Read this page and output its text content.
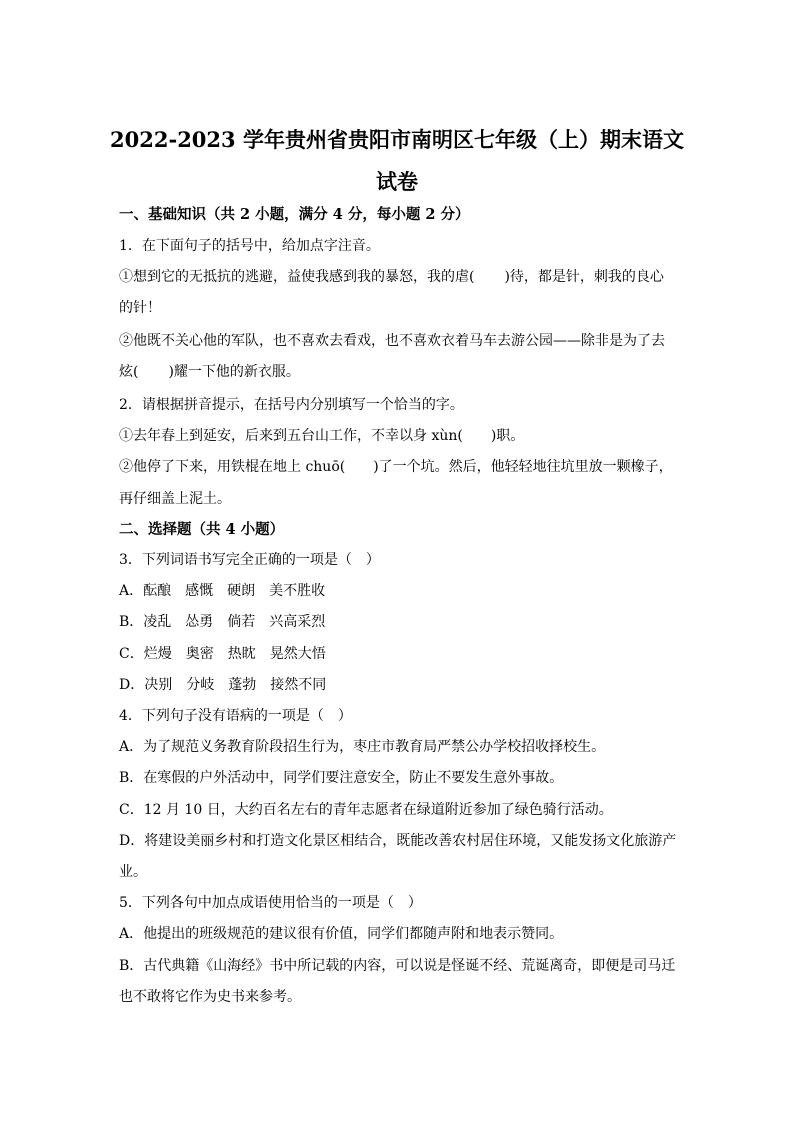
2022-2023 学年贵州省贵阳市南明区七年级（上）期末语文
试卷
一、基础知识（共 2 小题，满分 4 分，每小题 2 分）
1．在下面句子的括号中，给加点字注音。
①想到它的无抵抗的逃避，益使我感到我的暴怒，我的虐( )待，都是针，刺我的良心
的针！
②他既不关心他的军队，也不喜欢去看戏，也不喜欢衣着马车去游公园——除非是为了去
炫( )耀一下他的新衣服。
2．请根据拼音提示，在括号内分别填写一个恰当的字。
①去年春上到延安，后来到五台山工作，不幸以身 xùn( )职。
②他停了下来，用铁棍在地上 chuō( )了一个坑。然后，他轻轻地往坑里放一颗橡子，
再仔细盖上泥土。
二、选择题（共 4 小题）
3．下列词语书写完全正确的一项是（　）
A．酝酿　感慨　硬朗　美不胜收
B．凌乱　怂勇　倘若　兴高采烈
C．烂熳　奥密　热眈　晃然大悟
D．决别　分岐　蓬勃　接然不同
4．下列句子没有语病的一项是（　）
A．为了规范义务教育阶段招生行为，枣庄市教育局严禁公办学校招收择校生。
B．在寒假的户外活动中，同学们要注意安全，防止不要发生意外事故。
C．12 月 10 日，大约百名左右的青年志愿者在绿道附近参加了绿色骑行活动。
D．将建设美丽乡村和打造文化景区相结合，既能改善农村居住环境，又能发扬文化旅游产
业。
5．下列各句中加点成语使用恰当的一项是（　）
A．他提出的班级规范的建议很有价值，同学们都随声附和地表示赞同。
B．古代典籍《山海经》书中所记载的内容，可以说是怪诞不经、荒诞离奇，即便是司马迁
也不敢将它作为史书来参考。
